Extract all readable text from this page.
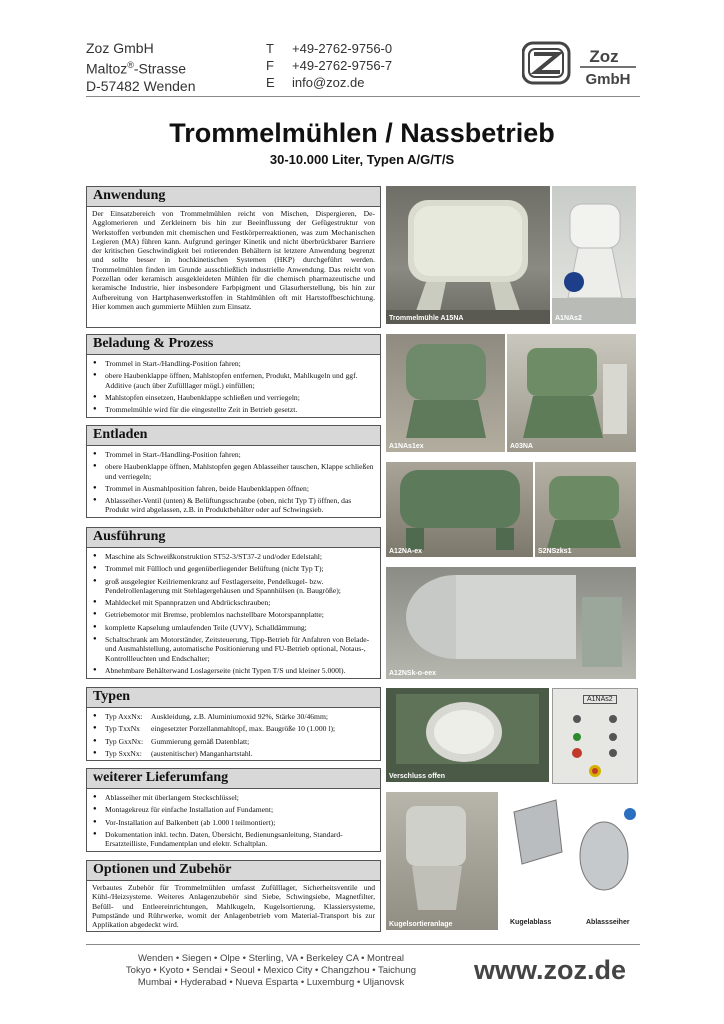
Zoz GmbH
Maltoz®-Strasse
D-57482 Wenden
T +49-2762-9756-0
F +49-2762-9756-7
E info@zoz.de
Zoz
GmbH
Trommelmühlen / Nassbetrieb
30-10.000 Liter, Typen A/G/T/S
Anwendung

Der Einsatzbereich von Trommelmühlen reicht von Mischen, Dispergieren, De-Agglomerieren und Zerkleinern bis hin zur Beeinflussung der Gefügestruktur von Werkstoffen verbunden mit chemischen und Festkörperreaktionen, was zum Mechanischen Legieren (MA) führen kann. Aufgrund geringer Kinetik und nicht überbrückbarer Barriere der kritischen Geschwindigkeit bei rotierenden Behältern ist letztere Anwendung begrenzt und sollte besser in hochkinetischen Systemen (HKP) durchgeführt werden. Trommelmühlen finden im Grunde ausschließlich industrielle Anwendung. Das reicht von Porzellan oder keramisch ausgekleideten Mühlen für die chemisch pharmazeutische und keramische Industrie, hier insbesondere Farbpigment und Glasurherstellung, bis hin zur Aufbereitung von Hartphasenwerkstoffen in Stahlmühlen oft mit Hartstoffbeschichtung. Hier kommen auch gummierte Mühlen zum Einsatz.

Beladung & Prozess
● Trommel in Start-/Handling-Position fahren;
● obere Haubenklappe öffnen, Mahlstopfen entfernen, Produkt, Mahlkugeln und ggf. Additive (auch über Zufülllager mögl.) einfüllen;
● Mahlstopfen einsetzen, Haubenklappe schließen und verriegeln;
● Trommelmühle wird für die eingestellte Zeit in Betrieb gesetzt.
Entladen
● Trommel in Start-/Handling-Position fahren;
● obere Haubenklappe öffnen, Mahlstopfen gegen Ablasseiher tauschen, Klappe schließen und verriegeln;
● Trommel in Ausmahlposition fahren, beide Haubenklappen öffnen;
● Ablasseiher-Ventil (unten) & Belüftungsschraube (oben, nicht Typ T) öffnen, das Produkt wird abgelassen, z.B. in Produktbehälter oder auf Schwingsieb.
Ausführung
● Maschine als Schweißkonstruktion ST52-3/ST37-2 und/oder Edelstahl;
● Trommel mit Füllloch und gegenüberliegender Belüftung (nicht Typ T);
● groß ausgelegter Keilriemenkranz auf Festlagerseite, Pendelkugel- bzw. Pendelrollenlagerung mit Stehlagergehäusen und Spannhülsen (n. Baugröße);
● Mahldeckel mit Spannpratzen und Abdrückschrauben;
● Getriebemotor mit Bremse, problemlos nachstellbare Motorspannplatte;
● komplette Kapselung umlaufenden Teile (UVV), Schalldämmung;
● Schaltschrank am Motorständer, Zeitsteuerung, Tipp-Betrieb für Anfahren von Belade- und Ausmahlstellung, automatische Positionierung und FU-Betrieb optional, Notaus-, Kontrollleuchten und Endschalter;
● Abnehmbare Behälterwand Loslagerseite (nicht Typen T/S und kleiner 5.000l).
Typen
● Typ AxxNx:	Auskleidung, z.B. Aluminiumoxid 92%, Stärke 30/46mm;
● Typ TxxNx	eingesetzter Porzellanmahltopf, max. Baugröße 10 (1.000 l);
● Typ GxxNx:	Gummierung gemäß Datenblatt;
● Typ SxxNx:	(austenitischer) Manganhartstahl.
weiterer Lieferumfang
● Ablasseiher mit überlangem Steckschlüssel;
● Montagekreuz für einfache Installation auf Fundament;
● Vor-Installation auf Balkenbett (ab 1.000 l teilmontiert);
● Dokumentation inkl. techn. Daten, Übersicht, Bedienungsanleitung, Standard-Ersatzteilliste, Fundamentplan und elektr. Schaltplan.
Optionen und Zubehör

Verbautes Zubehör für Trommelmühlen umfasst Zufülllager, Sicherheitsventile und Kühl-/Heizsysteme. Weiteres Anlagenzubehör sind Siebe, Schwingsiebe, Magnetfilter, Befüll- und Entleereinrichtungen, Mahlkugeln, Kugelsortierung, Klassiersysteme, Pumpstände und Rührwerke, womit der Anlagenbetrieb vom Material-Transport bis zur Applikation abgedeckt wird.

Trommelmühle A15NA	A1NAs2
A1NAs1ex	A03NA
A12NA-ex	S2NSzks1
A12NSk-o-eex
Verschluss offen
A1NAs2
Kugelsortieranlage	Kugelablass	Ablassseiher
Wenden • Siegen • Olpe • Sterling, VA • Berkeley CA • Montreal
Tokyo • Kyoto • Sendai • Seoul • Mexico City • Changzhou • Taichung
Mumbai • Hyderabad • Nueva Esparta • Luxemburg • Uljanovsk	www.zoz.de
